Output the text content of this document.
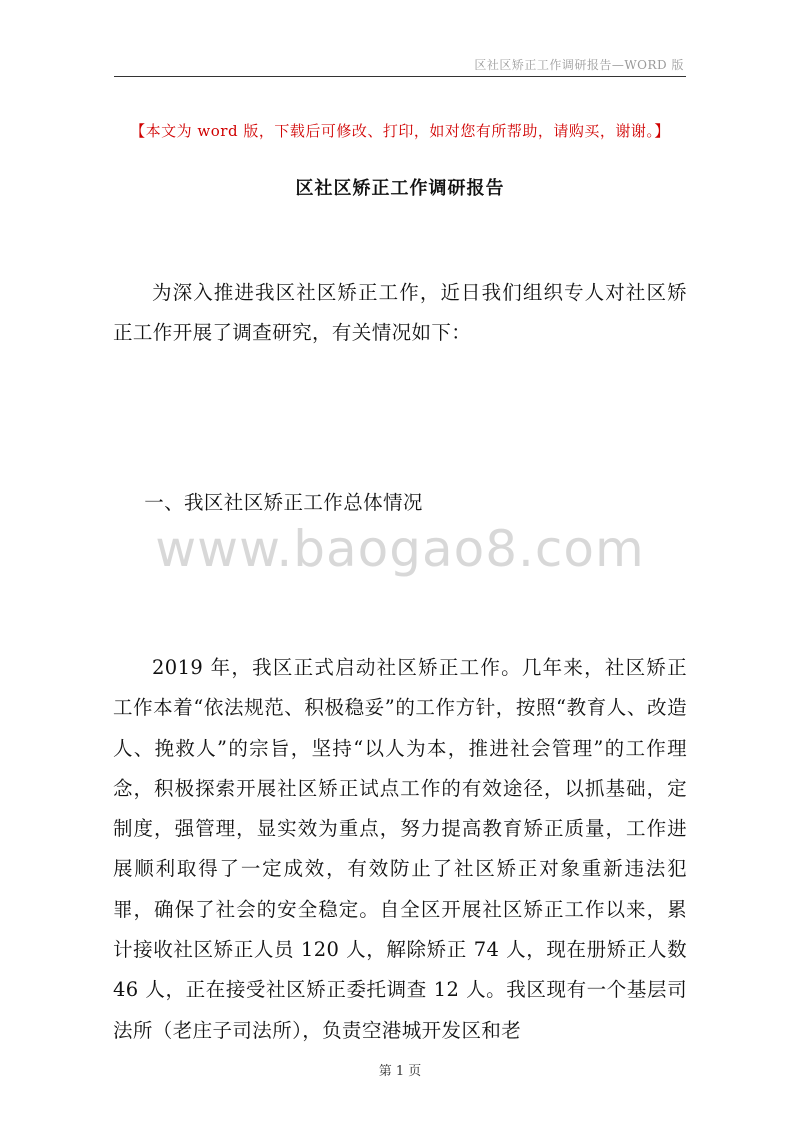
区社区矫正工作调研报告—WORD 版
【本文为 word 版，下载后可修改、打印，如对您有所帮助，请购买，谢谢。】
区社区矫正工作调研报告

为深入推进我区社区矫正工作，近日我们组织专人对社区矫正工作开展了调查研究，有关情况如下：

一、我区社区矫正工作总体情况

www.baogao8.com

2019 年，我区正式启动社区矫正工作。几年来，社区矫正工作本着“依法规范、积极稳妥”的工作方针，按照“教育人、改造人、挽救人”的宗旨，坚持“以人为本，推进社会管理”的工作理念，积极探索开展社区矫正试点工作的有效途径，以抓基础，定制度，强管理，显实效为重点，努力提高教育矫正质量，工作进展顺利取得了一定成效，有效防止了社区矫正对象重新违法犯罪，确保了社会的安全稳定。自全区开展社区矫正工作以来，累计接收社区矫正人员 120 人，解除矫正 74 人，现在册矫正人数 46 人，正在接受社区矫正委托调查 12 人。我区现有一个基层司法所（老庄子司法所），负责空港城开发区和老

第 1 页
